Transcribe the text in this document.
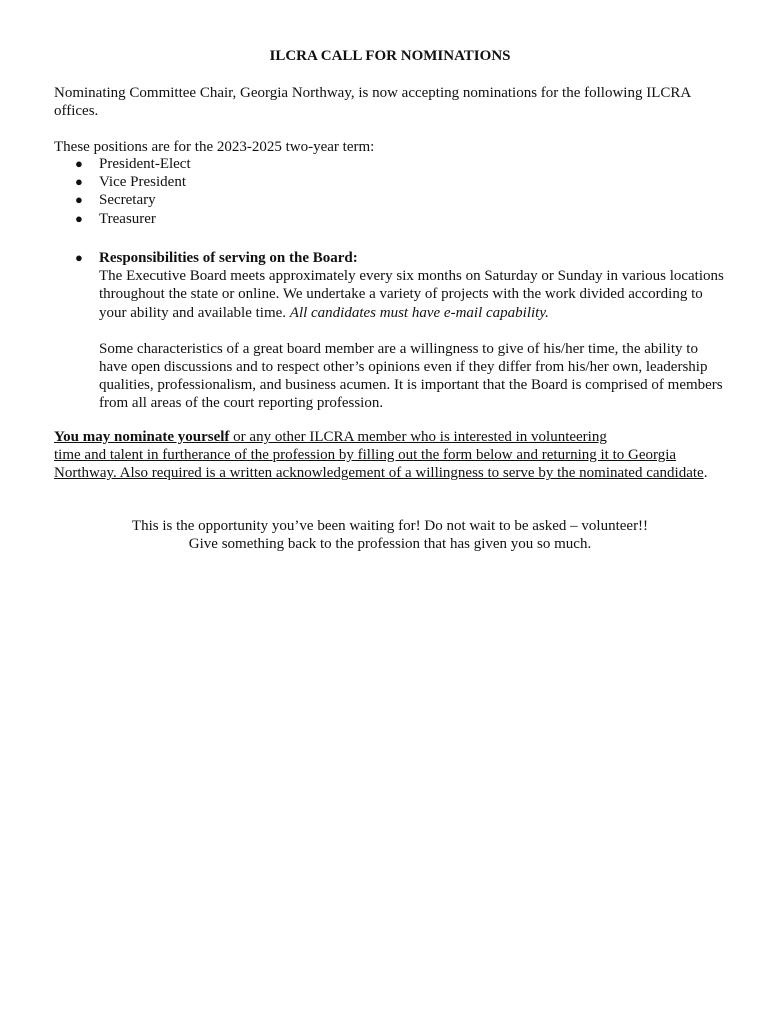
ILCRA CALL FOR NOMINATIONS
Nominating Committee Chair, Georgia Northway, is now accepting nominations for the following ILCRA offices.
These positions are for the 2023-2025 two-year term:
● President-Elect
● Vice President
● Secretary
● Treasurer
● Responsibilities of serving on the Board:
The Executive Board meets approximately every six months on Saturday or Sunday in various locations throughout the state or online. We undertake a variety of projects with the work divided according to your ability and available time. All candidates must have e-mail capability.
Some characteristics of a great board member are a willingness to give of his/her time, the ability to have open discussions and to respect other’s opinions even if they differ from his/her own, leadership qualities, professionalism, and business acumen. It is important that the Board is comprised of members from all areas of the court reporting profession.
You may nominate yourself or any other ILCRA member who is interested in volunteering
time and talent in furtherance of the profession by filling out the form below and returning it to Georgia
Northway. Also required is a written acknowledgement of a willingness to serve by the nominated candidate.
This is the opportunity you’ve been waiting for! Do not wait to be asked – volunteer!!
Give something back to the profession that has given you so much.
